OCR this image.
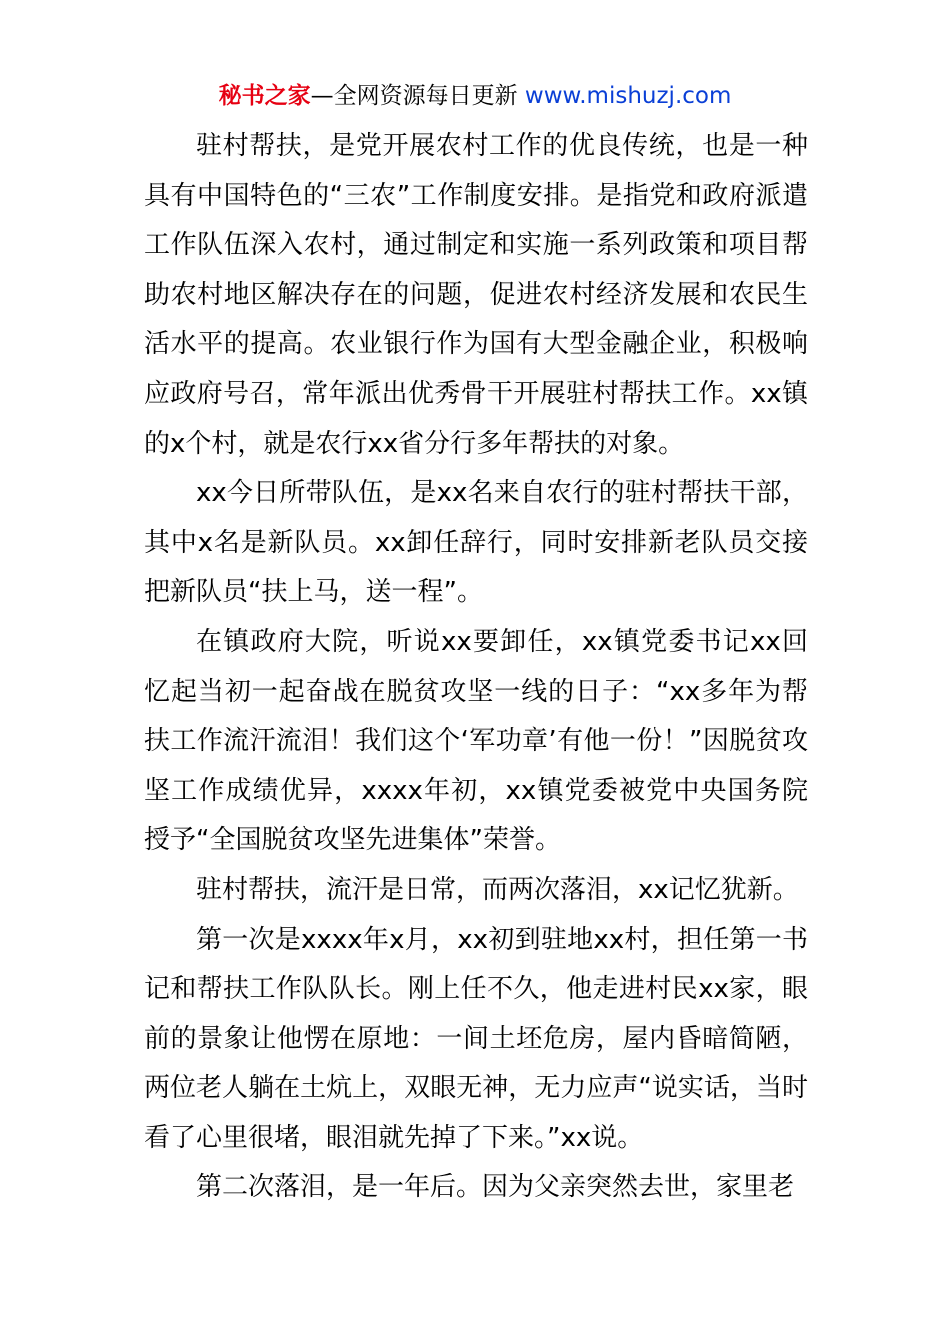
秘书之家—全网资源每日更新 www.mishuzj.com

驻村帮扶，是党开展农村工作的优良传统，也是一种具有中国特色的“三农”工作制度安排。是指党和政府派遣工作队伍深入农村，通过制定和实施一系列政策和项目帮助农村地区解决存在的问题，促进农村经济发展和农民生活水平的提高。农业银行作为国有大型金融企业，积极响应政府号召，常年派出优秀骨干开展驻村帮扶工作。xx镇的x个村，就是农行xx省分行多年帮扶的对象。

xx今日所带队伍，是xx名来自农行的驻村帮扶干部，其中x名是新队员。xx卸任辞行，同时安排新老队员交接把新队员“扶上马，送一程”。

在镇政府大院，听说xx要卸任，xx镇党委书记xx回忆起当初一起奋战在脱贫攻坚一线的日子：“xx多年为帮扶工作流汗流泪！我们这个‘军功章’有他一份！”因脱贫攻坚工作成绩优异，xxxx年初，xx镇党委被党中央国务院授予“全国脱贫攻坚先进集体”荣誉。

驻村帮扶，流汗是日常，而两次落泪，xx记忆犹新。

第一次是xxxx年x月，xx初到驻地xx村，担任第一书记和帮扶工作队队长。刚上任不久，他走进村民xx家，眼前的景象让他愣在原地：一间土坯危房，屋内昏暗简陋，两位老人躺在土炕上，双眼无神，无力应声“说实话，当时看了心里很堵，眼泪就先掉了下来。”xx说。

第二次落泪，是一年后。因为父亲突然去世，家里老
